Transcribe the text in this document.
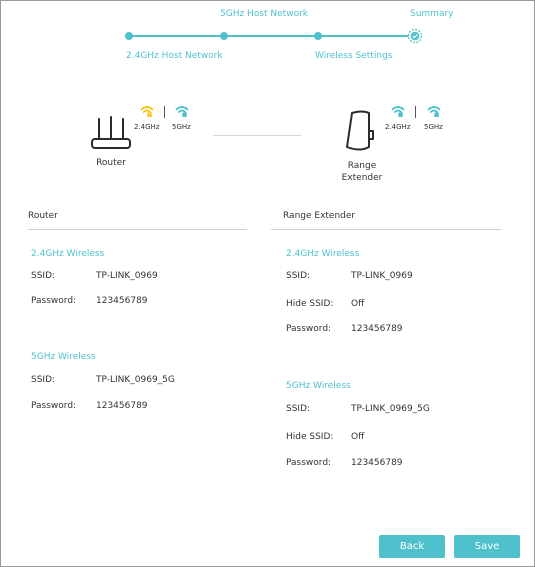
2.4GHz Host Network
5GHz Host Network
Wireless Settings
Summary
!
2.4GHz 5GHz
Router
2.4GHz 5GHz
Range
Extender
Router
2.4GHz Wireless
SSID:	TP-LINK_0969
Password: 123456789
5GHz Wireless
SSID:	TP-LINK_0969_5G
Password: 123456789
Range Extender
2.4GHz Wireless
SSID:	TP-LINK_0969
Hide SSID: Off
Password: 123456789
5GHz Wireless
SSID:	TP-LINK_0969_5G
Hide SSID: Off
Password: 123456789
Back	Save
